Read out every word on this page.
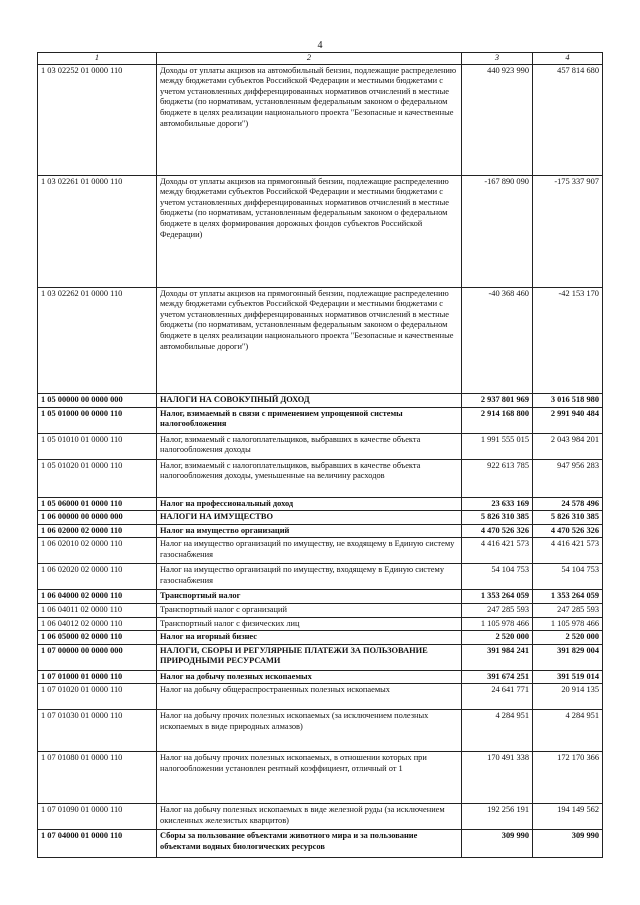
4
1	2	3	4
1 03 02252 01 0000 110	Доходы от уплаты акцизов на автомобильный бензин, подлежащие распределению между бюджетами субъектов Российской Федерации и местными бюджетами с учетом установленных дифференцированных нормативов отчислений в местные бюджеты (по нормативам, установленным федеральным законом о федеральном бюджете в целях реализации национального проекта "Безопасные и качественные автомобильные дороги")	440 923 990	457 814 680
1 03 02261 01 0000 110	Доходы от уплаты акцизов на прямогонный бензин, подлежащие распределению между бюджетами субъектов Российской Федерации и местными бюджетами с учетом установленных дифференцированных нормативов отчислений в местные бюджеты (по нормативам, установленным федеральным законом о федеральном бюджете в целях формирования дорожных фондов субъектов Российской Федерации)	-167 890 090	-175 337 907
1 03 02262 01 0000 110	Доходы от уплаты акцизов на прямогонный бензин, подлежащие распределению между бюджетами субъектов Российской Федерации и местными бюджетами с учетом установленных дифференцированных нормативов отчислений в местные бюджеты (по нормативам, установленным федеральным законом о федеральном бюджете в целях реализации национального проекта "Безопасные и качественные автомобильные дороги")	-40 368 460	-42 153 170
1 05 00000 00 0000 000	НАЛОГИ НА СОВОКУПНЫЙ ДОХОД	2 937 801 969	3 016 518 980
1 05 01000 00 0000 110	Налог, взимаемый в связи с применением упрощенной системы налогообложения	2 914 168 800	2 991 940 484
1 05 01010 01 0000 110	Налог, взимаемый с налогоплательщиков, выбравших в качестве объекта налогообложения доходы	1 991 555 015	2 043 984 201
1 05 01020 01 0000 110	Налог, взимаемый с налогоплательщиков, выбравших в качестве объекта налогообложения доходы, уменьшенные на величину расходов	922 613 785	947 956 283
1 05 06000 01 0000 110	Налог на профессиональный доход	23 633 169	24 578 496
1 06 00000 00 0000 000	НАЛОГИ НА ИМУЩЕСТВО	5 826 310 385	5 826 310 385
1 06 02000 02 0000 110	Налог на имущество организаций	4 470 526 326	4 470 526 326
1 06 02010 02 0000 110	Налог на имущество организаций по имуществу, не входящему в Единую систему газоснабжения	4 416 421 573	4 416 421 573
1 06 02020 02 0000 110	Налог на имущество организаций по имуществу, входящему в Единую систему газоснабжения	54 104 753	54 104 753
1 06 04000 02 0000 110	Транспортный налог	1 353 264 059	1 353 264 059
1 06 04011 02 0000 110	Транспортный налог с организаций	247 285 593	247 285 593
1 06 04012 02 0000 110	Транспортный налог с физических лиц	1 105 978 466	1 105 978 466
1 06 05000 02 0000 110	Налог на игорный бизнес	2 520 000	2 520 000
1 07 00000 00 0000 000	НАЛОГИ, СБОРЫ И РЕГУЛЯРНЫЕ ПЛАТЕЖИ ЗА ПОЛЬЗОВАНИЕ ПРИРОДНЫМИ РЕСУРСАМИ	391 984 241	391 829 004
1 07 01000 01 0000 110	Налог на добычу полезных ископаемых	391 674 251	391 519 014
1 07 01020 01 0000 110	Налог на добычу общераспространенных полезных ископаемых	24 641 771	20 914 135
1 07 01030 01 0000 110	Налог на добычу прочих полезных ископаемых (за исключением полезных ископаемых в виде природных алмазов)	4 284 951	4 284 951
1 07 01080 01 0000 110	Налог на добычу прочих полезных ископаемых, в отношении которых при налогообложении установлен рентный коэффициент, отличный от 1	170 491 338	172 170 366
1 07 01090 01 0000 110	Налог на добычу полезных ископаемых в виде железной руды (за исключением окисленных железистых кварцитов)	192 256 191	194 149 562
1 07 04000 01 0000 110	Сборы за пользование объектами животного мира и за пользование объектами водных биологических ресурсов	309 990	309 990
